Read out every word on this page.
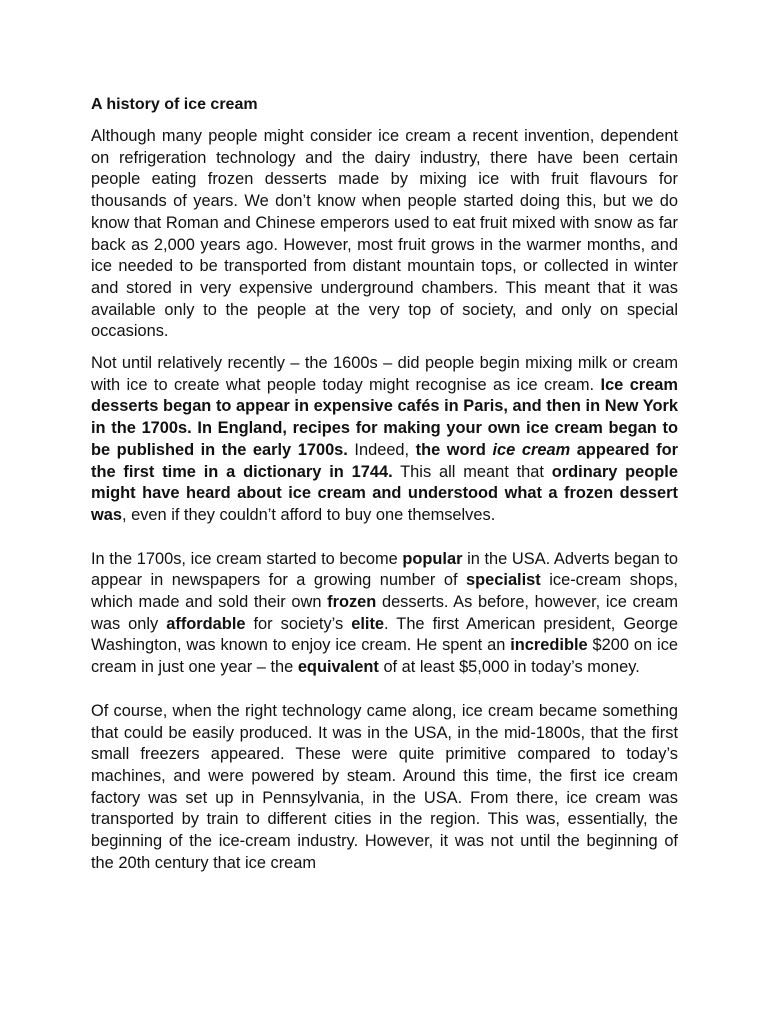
A history of ice cream

Although many people might consider ice cream a recent invention, dependent on refrigeration technology and the dairy industry, there have been certain people eating frozen desserts made by mixing ice with fruit flavours for thousands of years. We don’t know when people started doing this, but we do know that Roman and Chinese emperors used to eat fruit mixed with snow as far back as 2,000 years ago. However, most fruit grows in the warmer months, and ice needed to be transported from distant mountain tops, or collected in winter and stored in very expensive underground chambers. This meant that it was available only to the people at the very top of society, and only on special occasions.

Not until relatively recently – the 1600s – did people begin mixing milk or cream with ice to create what people today might recognise as ice cream. Ice cream desserts began to appear in expensive cafés in Paris, and then in New York in the 1700s. In England, recipes for making your own ice cream began to be published in the early 1700s. Indeed, the word ice cream appeared for the first time in a dictionary in 1744. This all meant that ordinary people might have heard about ice cream and understood what a frozen dessert was, even if they couldn’t afford to buy one themselves.

In the 1700s, ice cream started to become popular in the USA. Adverts began to appear in newspapers for a growing number of specialist ice-cream shops, which made and sold their own frozen desserts. As before, however, ice cream was only affordable for society’s elite. The first American president, George Washington, was known to enjoy ice cream. He spent an incredible $200 on ice cream in just one year – the equivalent of at least $5,000 in today’s money.

Of course, when the right technology came along, ice cream became something that could be easily produced. It was in the USA, in the mid-1800s, that the first small freezers appeared. These were quite primitive compared to today’s machines, and were powered by steam. Around this time, the first ice cream factory was set up in Pennsylvania, in the USA. From there, ice cream was transported by train to different cities in the region. This was, essentially, the beginning of the ice-cream industry. However, it was not until the beginning of the 20th century that ice cream
